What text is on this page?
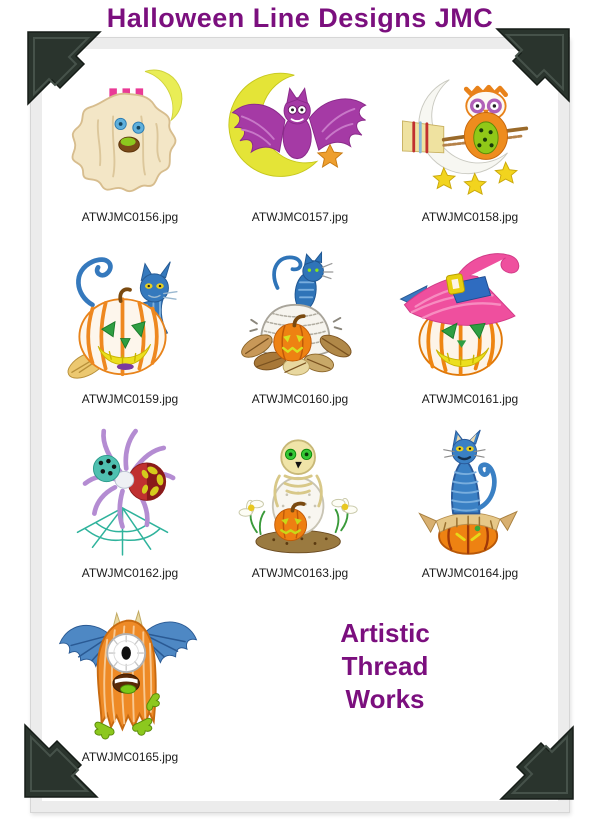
Halloween Line Designs JMC
ATWJMC0156.jpg	ATWJMC0157.jpg	ATWJMC0158.jpg
ATWJMC0159.jpg	ATWJMC0160.jpg	ATWJMC0161.jpg
ATWJMC0162.jpg	ATWJMC0163.jpg	ATWJMC0164.jpg
ATWJMC0165.jpg
Artistic
Thread
Works
